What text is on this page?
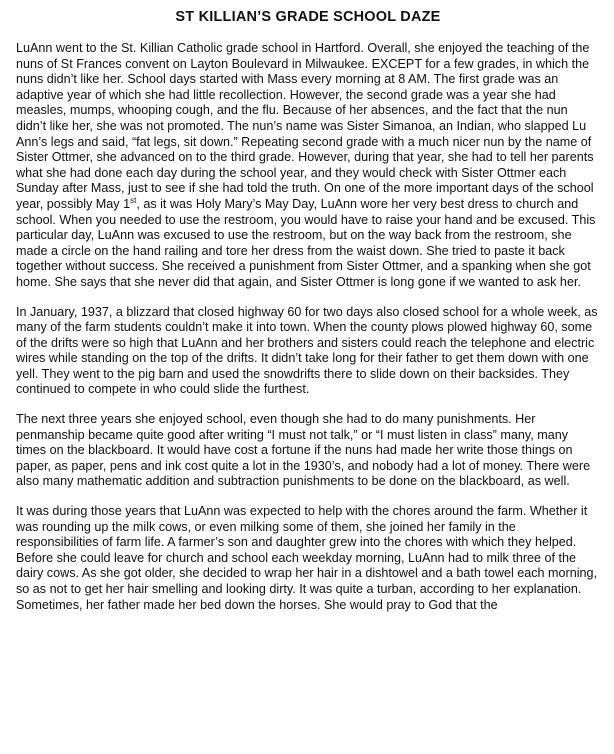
ST KILLIAN’S GRADE SCHOOL DAZE

LuAnn went to the St. Killian Catholic grade school in Hartford. Overall, she enjoyed the teaching of the nuns of St Frances convent on Layton Boulevard in Milwaukee. EXCEPT for a few grades, in which the nuns didn’t like her. School days started with Mass every morning at 8 AM. The first grade was an adaptive year of which she had little recollection. However, the second grade was a year she had measles, mumps, whooping cough, and the flu. Because of her absences, and the fact that the nun didn’t like her, she was not promoted. The nun’s name was Sister Simanoa, an Indian, who slapped Lu Ann’s legs and said, “fat legs, sit down.” Repeating second grade with a much nicer nun by the name of Sister Ottmer, she advanced on to the third grade. However, during that year, she had to tell her parents what she had done each day during the school year, and they would check with Sister Ottmer each Sunday after Mass, just to see if she had told the truth. On one of the more important days of the school year, possibly May 1st, as it was Holy Mary’s May Day, LuAnn wore her very best dress to church and school. When you needed to use the restroom, you would have to raise your hand and be excused. This particular day, LuAnn was excused to use the restroom, but on the way back from the restroom, she made a circle on the hand railing and tore her dress from the waist down. She tried to paste it back together without success. She received a punishment from Sister Ottmer, and a spanking when she got home. She says that she never did that again, and Sister Ottmer is long gone if we wanted to ask her.

In January, 1937, a blizzard that closed highway 60 for two days also closed school for a whole week, as many of the farm students couldn’t make it into town. When the county plows plowed highway 60, some of the drifts were so high that LuAnn and her brothers and sisters could reach the telephone and electric wires while standing on the top of the drifts. It didn’t take long for their father to get them down with one yell. They went to the pig barn and used the snowdrifts there to slide down on their backsides. They continued to compete in who could slide the furthest.

The next three years she enjoyed school, even though she had to do many punishments. Her penmanship became quite good after writing “I must not talk,” or “I must listen in class” many, many times on the blackboard. It would have cost a fortune if the nuns had made her write those things on paper, as paper, pens and ink cost quite a lot in the 1930’s, and nobody had a lot of money. There were also many mathematic addition and subtraction punishments to be done on the blackboard, as well.

It was during those years that LuAnn was expected to help with the chores around the farm. Whether it was rounding up the milk cows, or even milking some of them, she joined her family in the responsibilities of farm life. A farmer’s son and daughter grew into the chores with which they helped. Before she could leave for church and school each weekday morning, LuAnn had to milk three of the dairy cows. As she got older, she decided to wrap her hair in a dishtowel and a bath towel each morning, so as not to get her hair smelling and looking dirty. It was quite a turban, according to her explanation. Sometimes, her father made her bed down the horses. She would pray to God that the
